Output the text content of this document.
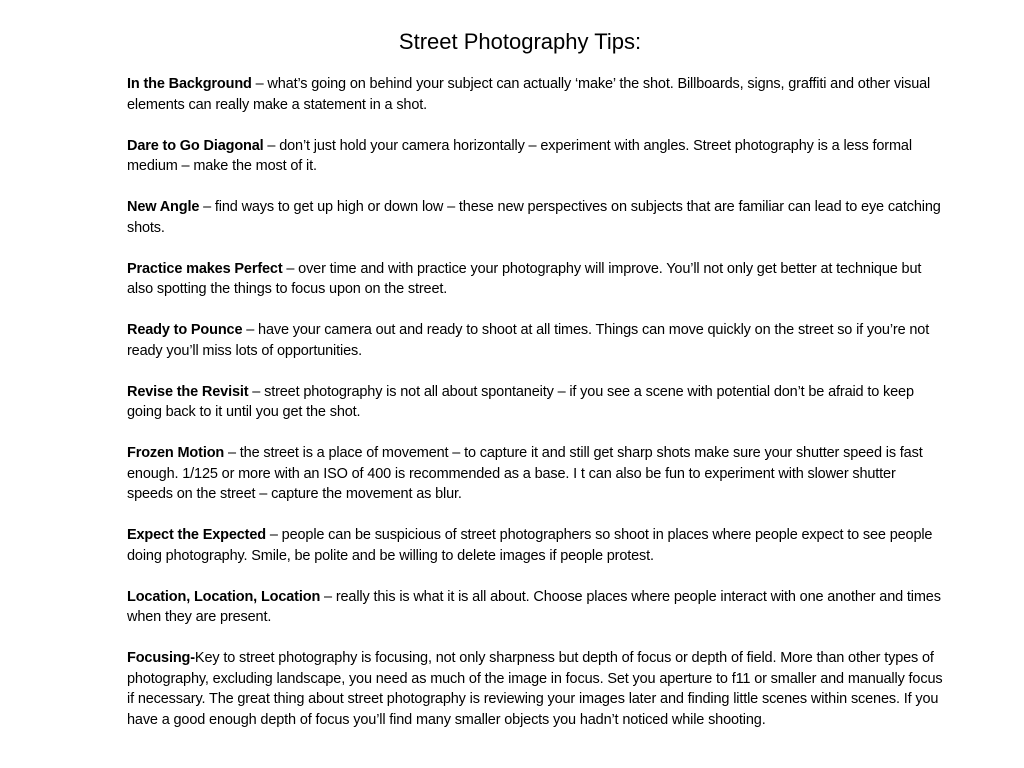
Street Photography Tips:

In the Background – what’s going on behind your subject can actually ‘make’ the shot. Billboards, signs, graffiti and other visual elements can really make a statement in a shot.

Dare to Go Diagonal – don’t just hold your camera horizontally – experiment with angles. Street photography is a less formal medium – make the most of it.

New Angle – find ways to get up high or down low – these new perspectives on subjects that are familiar can lead to eye catching shots.

Practice makes Perfect – over time and with practice your photography will improve. You’ll not only get better at technique but also spotting the things to focus upon on the street.

Ready to Pounce – have your camera out and ready to shoot at all times. Things can move quickly on the street so if you’re not ready you’ll miss lots of opportunities.

Revise the Revisit – street photography is not all about spontaneity – if you see a scene with potential don’t be afraid to keep going back to it until you get the shot.

Frozen Motion – the street is a place of movement – to capture it and still get sharp shots make sure your shutter speed is fast enough. 1/125 or more with an ISO of 400 is recommended as a base. I t can also be fun to experiment with slower shutter speeds on the street – capture the movement as blur.

Expect the Expected – people can be suspicious of street photographers so shoot in places where people expect to see people doing photography. Smile, be polite and be willing to delete images if people protest.

Location, Location, Location – really this is what it is all about. Choose places where people interact with one another and times when they are present.

Focusing-Key to street photography is focusing, not only sharpness but depth of focus or depth of field. More than other types of photography, excluding landscape, you need as much of the image in focus. Set you aperture to f11 or smaller and manually focus if necessary. The great thing about street photography is reviewing your images later and finding little scenes within scenes. If you have a good enough depth of focus you’ll find many smaller objects you hadn’t noticed while shooting.
